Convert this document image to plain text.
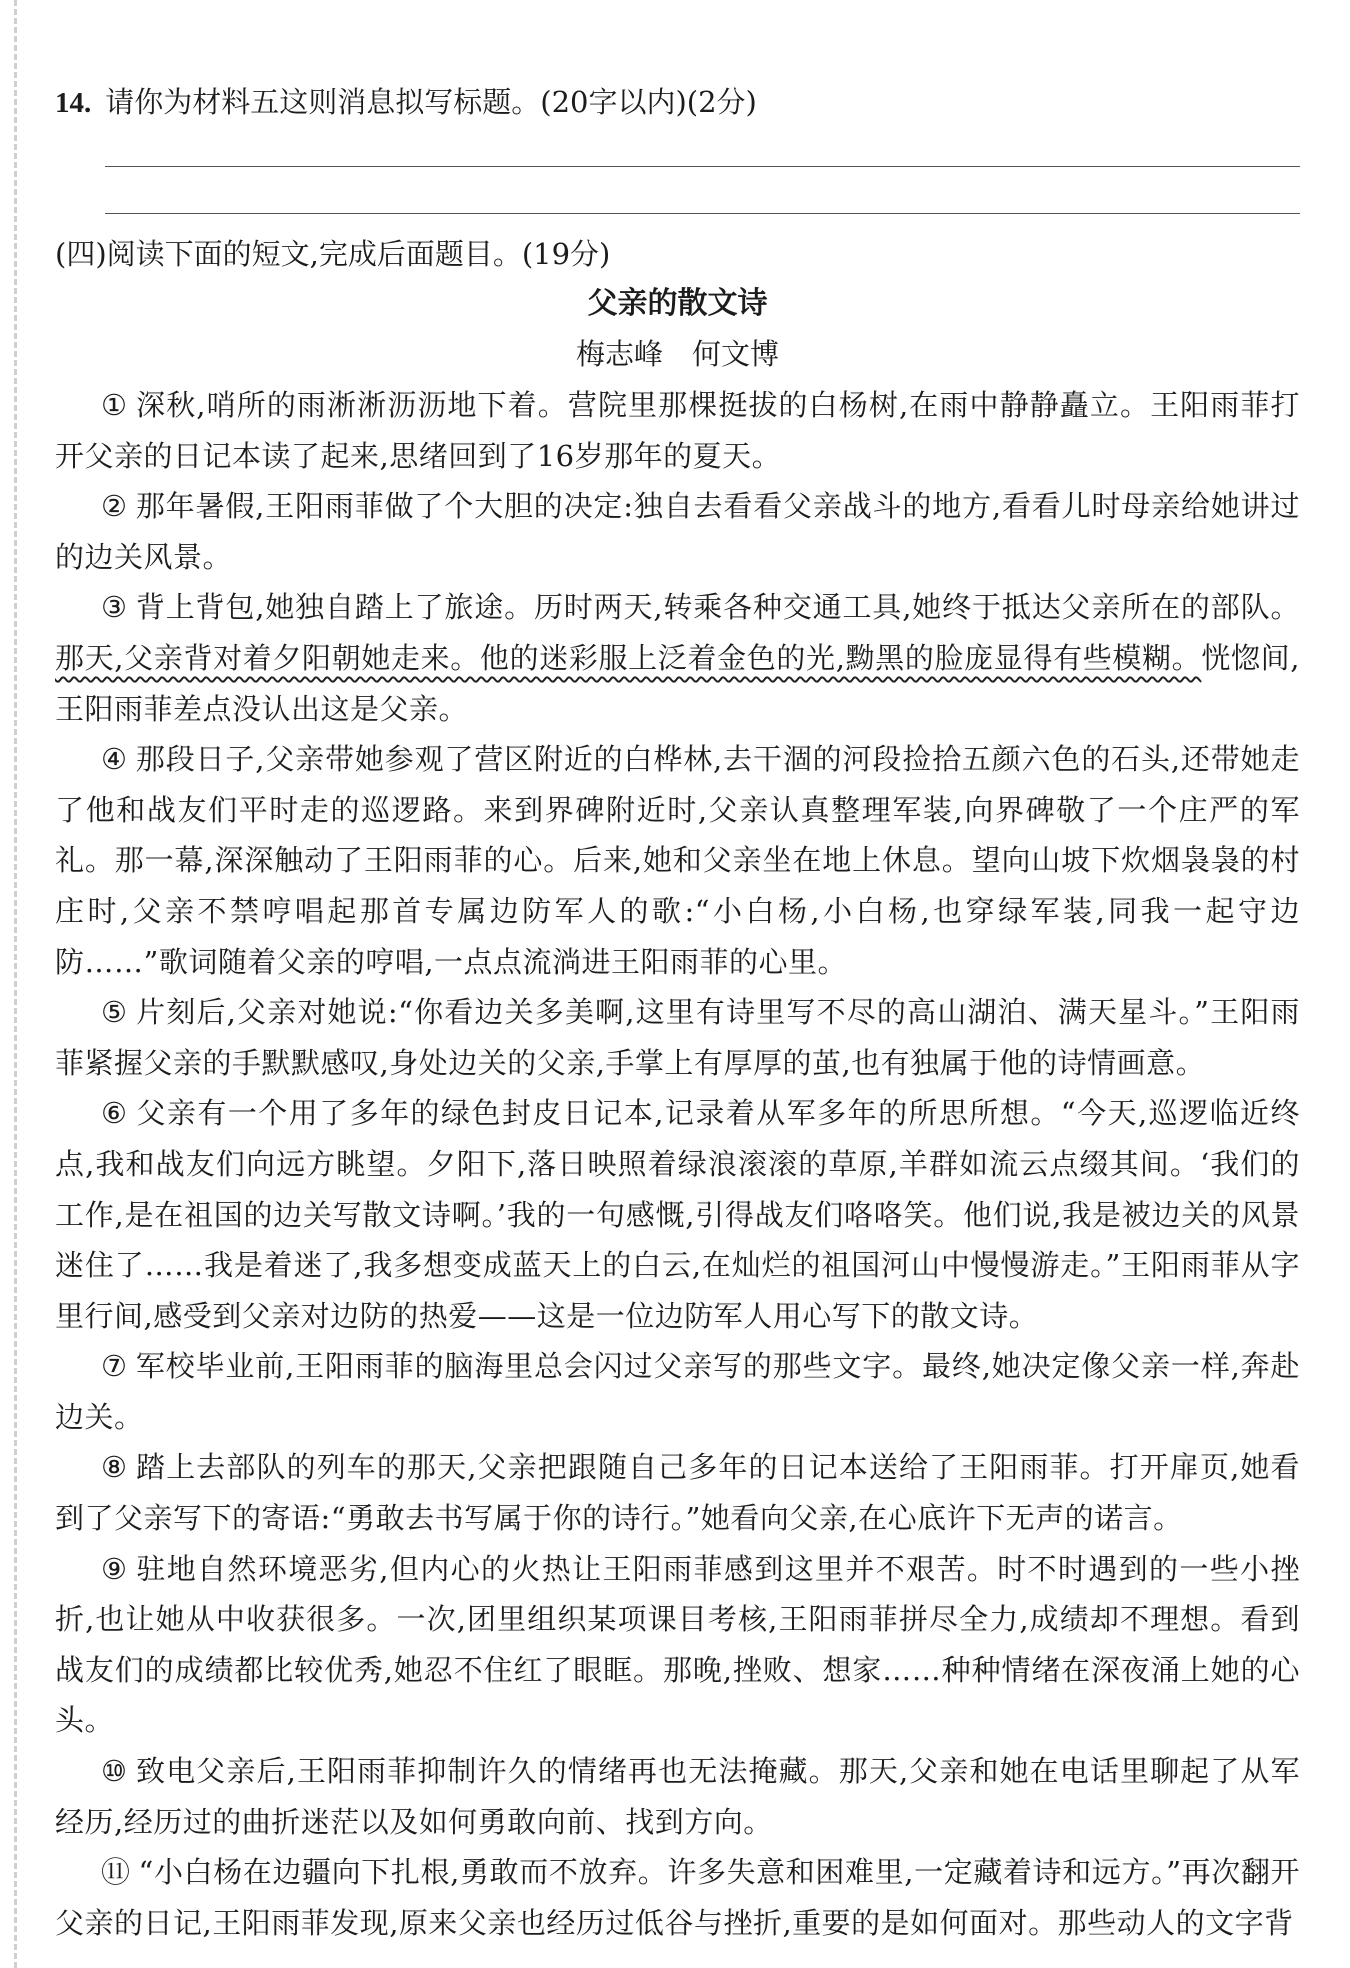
14. 请你为材料五这则消息拟写标题。(20字以内)(2分)
(四)阅读下面的短文,完成后面题目。(19分)
父亲的散文诗
梅志峰　何文博

① 深秋,哨所的雨淅淅沥沥地下着。营院里那棵挺拔的白杨树,在雨中静静矗立。王阳雨菲打开父亲的日记本读了起来,思绪回到了16岁那年的夏天。

② 那年暑假,王阳雨菲做了个大胆的决定:独自去看看父亲战斗的地方,看看儿时母亲给她讲过的边关风景。

③ 背上背包,她独自踏上了旅途。历时两天,转乘各种交通工具,她终于抵达父亲所在的部队。那天,父亲背对着夕阳朝她走来。他的迷彩服上泛着金色的光,黝黑的脸庞显得有些模糊。恍惚间,王阳雨菲差点没认出这是父亲。

④ 那段日子,父亲带她参观了营区附近的白桦林,去干涸的河段捡拾五颜六色的石头,还带她走了他和战友们平时走的巡逻路。来到界碑附近时,父亲认真整理军装,向界碑敬了一个庄严的军礼。那一幕,深深触动了王阳雨菲的心。后来,她和父亲坐在地上休息。望向山坡下炊烟袅袅的村庄时,父亲不禁哼唱起那首专属边防军人的歌:“小白杨,小白杨,也穿绿军装,同我一起守边防……”歌词随着父亲的哼唱,一点点流淌进王阳雨菲的心里。

⑤ 片刻后,父亲对她说:“你看边关多美啊,这里有诗里写不尽的高山湖泊、满天星斗。”王阳雨菲紧握父亲的手默默感叹,身处边关的父亲,手掌上有厚厚的茧,也有独属于他的诗情画意。

⑥ 父亲有一个用了多年的绿色封皮日记本,记录着从军多年的所思所想。“今天,巡逻临近终点,我和战友们向远方眺望。夕阳下,落日映照着绿浪滚滚的草原,羊群如流云点缀其间。‘我们的工作,是在祖国的边关写散文诗啊。’我的一句感慨,引得战友们咯咯笑。他们说,我是被边关的风景迷住了……我是着迷了,我多想变成蓝天上的白云,在灿烂的祖国河山中慢慢游走。”王阳雨菲从字里行间,感受到父亲对边防的热爱——这是一位边防军人用心写下的散文诗。

⑦ 军校毕业前,王阳雨菲的脑海里总会闪过父亲写的那些文字。最终,她决定像父亲一样,奔赴边关。

⑧ 踏上去部队的列车的那天,父亲把跟随自己多年的日记本送给了王阳雨菲。打开扉页,她看到了父亲写下的寄语:“勇敢去书写属于你的诗行。”她看向父亲,在心底许下无声的诺言。

⑨ 驻地自然环境恶劣,但内心的火热让王阳雨菲感到这里并不艰苦。时不时遇到的一些小挫折,也让她从中收获很多。一次,团里组织某项课目考核,王阳雨菲拼尽全力,成绩却不理想。看到战友们的成绩都比较优秀,她忍不住红了眼眶。那晚,挫败、想家……种种情绪在深夜涌上她的心头。

⑩ 致电父亲后,王阳雨菲抑制许久的情绪再也无法掩藏。那天,父亲和她在电话里聊起了从军经历,经历过的曲折迷茫以及如何勇敢向前、找到方向。

⑪ “小白杨在边疆向下扎根,勇敢而不放弃。许多失意和困难里,一定藏着诗和远方。”再次翻开父亲的日记,王阳雨菲发现,原来父亲也经历过低谷与挫折,重要的是如何面对。那些动人的文字背
